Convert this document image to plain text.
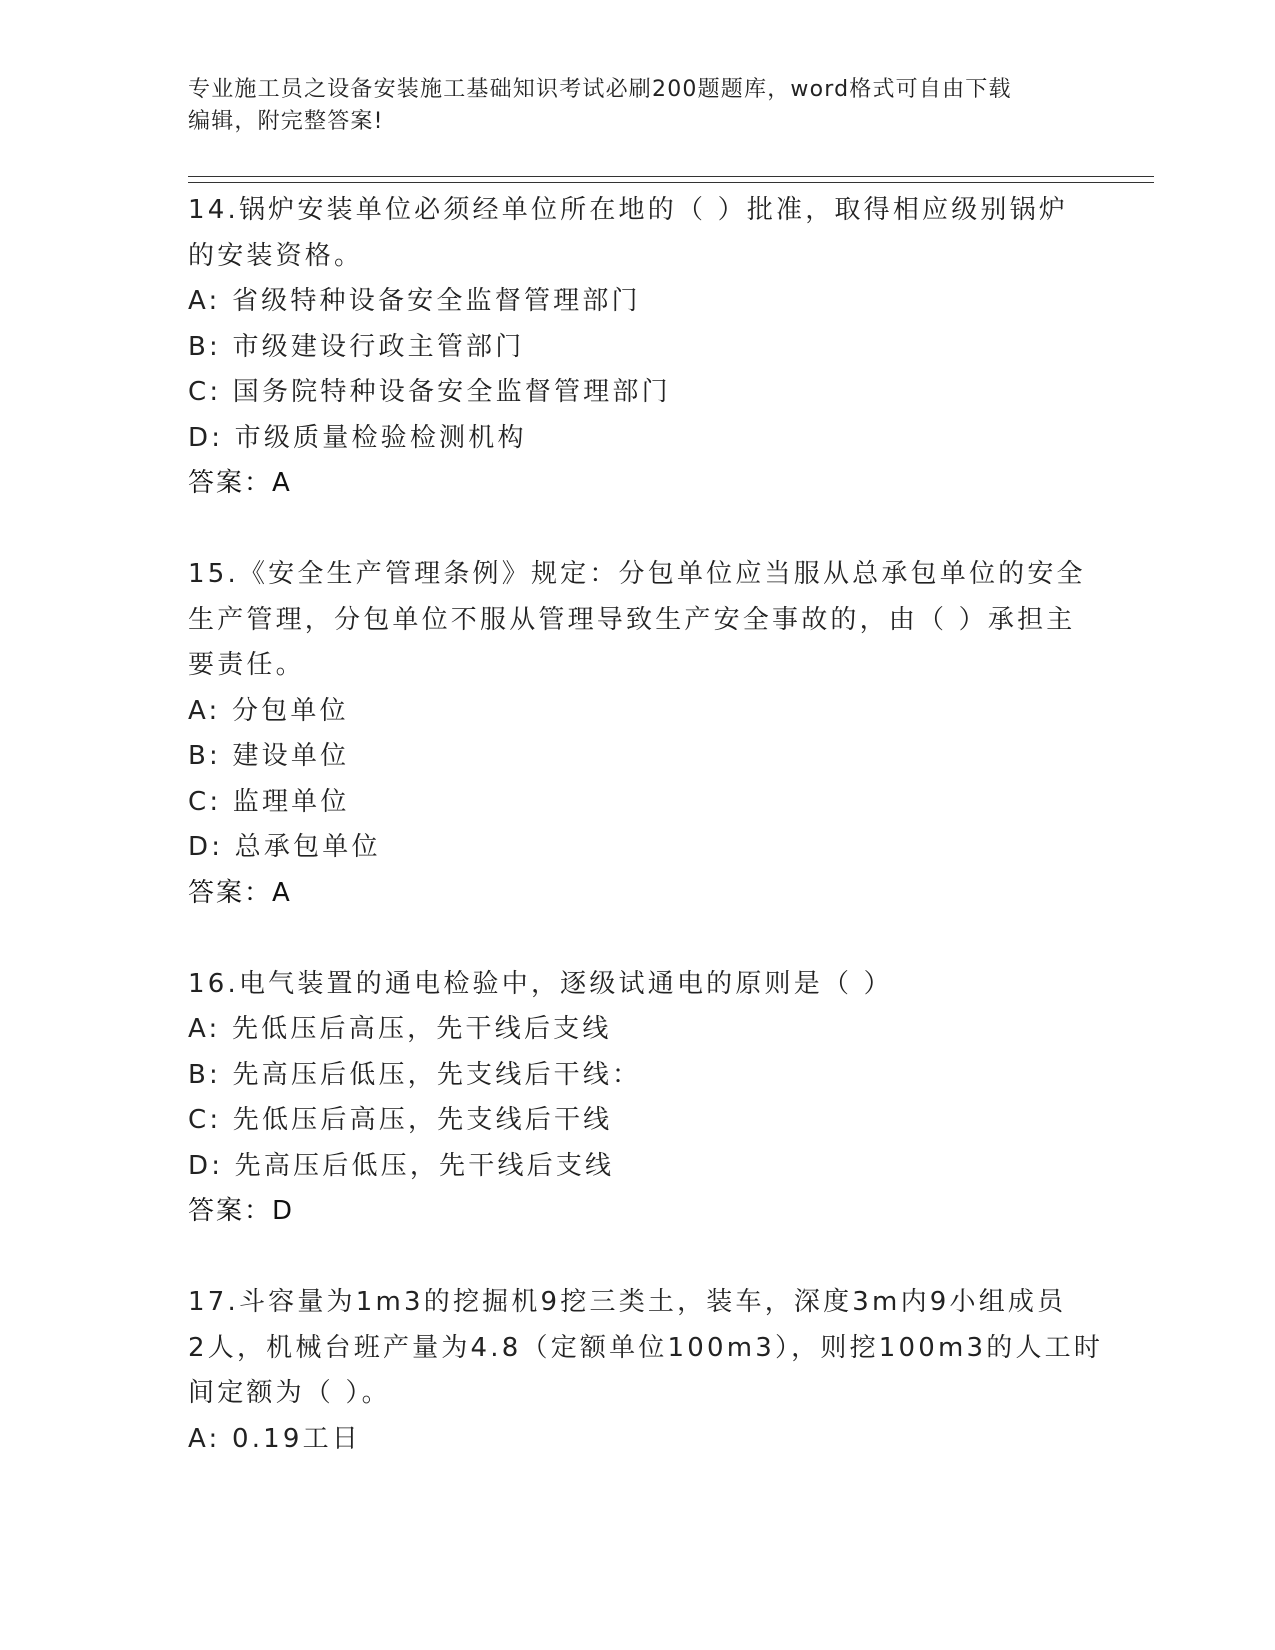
专业施工员之设备安装施工基础知识考试必刷200题题库，word格式可自由下载
编辑，附完整答案!
14.锅炉安装单位必须经单位所在地的（ ）批准，取得相应级别锅炉
的安装资格。
A: 省级特种设备安全监督管理部门
B: 市级建设行政主管部门
C: 国务院特种设备安全监督管理部门
D: 市级质量检验检测机构
答案：A
15.《安全生产管理条例》规定：分包单位应当服从总承包单位的安全
生产管理，分包单位不服从管理导致生产安全事故的，由（ ）承担主
要责任。
A: 分包单位
B: 建设单位
C: 监理单位
D: 总承包单位
答案：A
16.电气装置的通电检验中，逐级试通电的原则是（ ）
A: 先低压后高压，先干线后支线
B: 先高压后低压，先支线后干线：
C: 先低压后高压，先支线后干线
D: 先高压后低压，先干线后支线
答案：D
17.斗容量为1m3的挖掘机9挖三类土，装车，深度3m内9小组成员
2人，机械台班产量为4.8（定额单位100m3），则挖100m3的人工时
间定额为（ ）。
A: 0.19工日
